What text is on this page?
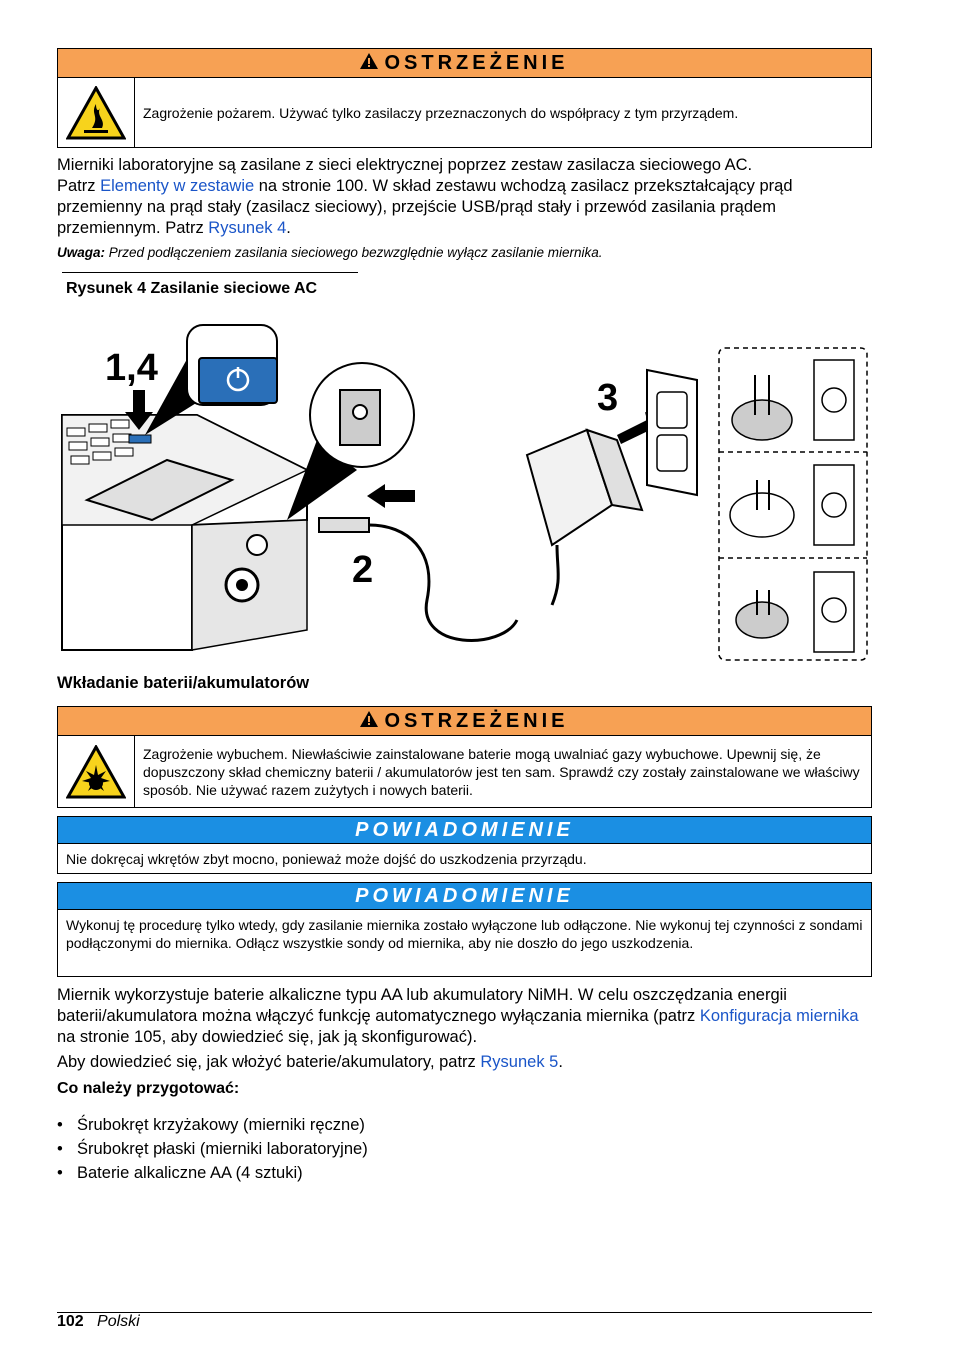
OSTRZEŻENIE
Zagrożenie pożarem. Używać tylko zasilaczy przeznaczonych do współpracy z tym przyrządem.
Mierniki laboratoryjne są zasilane z sieci elektrycznej poprzez zestaw zasilacza sieciowego AC.
Patrz Elementy w zestawie na stronie 100. W skład zestawu wchodzą zasilacz przekształcający prąd przemienny na prąd stały (zasilacz sieciowy), przejście USB/prąd stały i przewód zasilania prądem przemiennym. Patrz Rysunek 4.
Uwaga: Przed podłączeniem zasilania sieciowego bezwzględnie wyłącz zasilanie miernika.
Rysunek 4 Zasilanie sieciowe AC
1,4
2
3
Wkładanie baterii/akumulatorów
OSTRZEŻENIE
Zagrożenie wybuchem. Niewłaściwie zainstalowane baterie mogą uwalniać gazy wybuchowe. Upewnij się, że dopuszczony skład chemiczny baterii / akumulatorów jest ten sam. Sprawdź czy zostały zainstalowane we właściwy sposób. Nie używać razem zużytych i nowych baterii.
POWIADOMIENIE
Nie dokręcaj wkrętów zbyt mocno, ponieważ może dojść do uszkodzenia przyrządu.
POWIADOMIENIE
Wykonuj tę procedurę tylko wtedy, gdy zasilanie miernika zostało wyłączone lub odłączone. Nie wykonuj tej czynności z sondami podłączonymi do miernika. Odłącz wszystkie sondy od miernika, aby nie doszło do jego uszkodzenia.
Miernik wykorzystuje baterie alkaliczne typu AA lub akumulatory NiMH. W celu oszczędzania energii baterii/akumulatora można włączyć funkcję automatycznego wyłączania miernika (patrz Konfiguracja miernika na stronie 105, aby dowiedzieć się, jak ją skonfigurować).
Aby dowiedzieć się, jak włożyć baterie/akumulatory, patrz Rysunek 5.
Co należy przygotować:
• Śrubokręt krzyżakowy (mierniki ręczne)
• Śrubokręt płaski (mierniki laboratoryjne)
• Baterie alkaliczne AA (4 sztuki)
102 Polski
